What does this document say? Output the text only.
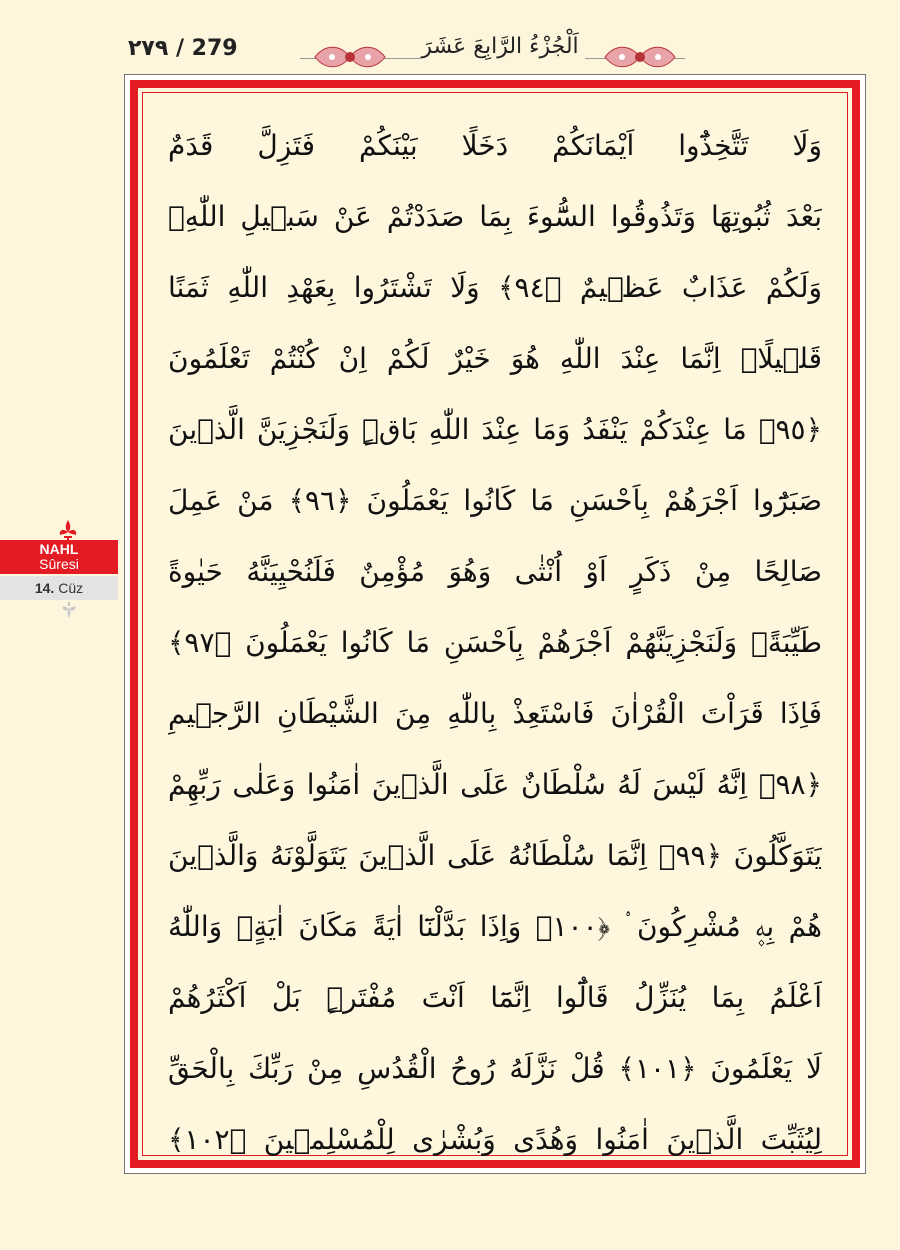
٢٧٩ / 279	اَلْجُزْءُ الرَّابِعَ عَشَرَ
NAHL
Sûresi
14. Cüz
وَلَا تَتَّخِذُٓوا اَيْمَانَكُمْ دَخَلًا بَيْنَكُمْ فَتَزِلَّ قَدَمٌ
بَعْدَ ثُبُوتِهَا وَتَذُوقُوا السُّٓوءَ بِمَا صَدَدْتُمْ عَنْ سَب۪يلِ اللّٰهِۚ
وَلَكُمْ عَذَابٌ عَظ۪يمٌ ﴿٩٤﴾ وَلَا تَشْتَرُوا بِعَهْدِ اللّٰهِ ثَمَنًا
قَل۪يلًاۜ اِنَّمَا عِنْدَ اللّٰهِ هُوَ خَيْرٌ لَكُمْ اِنْ كُنْتُمْ تَعْلَمُونَ
﴿٩٥﴾ مَا عِنْدَكُمْ يَنْفَدُ وَمَا عِنْدَ اللّٰهِ بَاقٍۜ وَلَنَجْزِيَنَّ الَّذ۪ينَ
صَبَرُٓوا اَجْرَهُمْ بِاَحْسَنِ مَا كَانُوا يَعْمَلُونَ ﴿٩٦﴾ مَنْ عَمِلَ
صَالِحًا مِنْ ذَكَرٍ اَوْ اُنْثٰى وَهُوَ مُؤْمِنٌ فَلَنُحْيِيَنَّهُ حَيٰوةً
طَيِّبَةًۚ وَلَنَجْزِيَنَّهُمْ اَجْرَهُمْ بِاَحْسَنِ مَا كَانُوا يَعْمَلُونَ ﴿٩٧﴾
فَاِذَا قَرَاْتَ الْقُرْاٰنَ فَاسْتَعِذْ بِاللّٰهِ مِنَ الشَّيْطَانِ الرَّج۪يمِ
﴿٩٨﴾ اِنَّهُ لَيْسَ لَهُ سُلْطَانٌ عَلَى الَّذ۪ينَ اٰمَنُوا وَعَلٰى رَبِّهِمْ
يَتَوَكَّلُونَ ﴿٩٩﴾ اِنَّمَا سُلْطَانُهُ عَلَى الَّذ۪ينَ يَتَوَلَّوْنَهُ وَالَّذ۪ينَ
هُمْ بِه۪ مُشْرِكُونَ ۟ ﴿١٠٠﴾ وَاِذَا بَدَّلْنَٓا اٰيَةً مَكَانَ اٰيَةٍۙ وَاللّٰهُ
اَعْلَمُ بِمَا يُنَزِّلُ قَالُٓوا اِنَّمَٓا اَنْتَ مُفْتَرٍۜ بَلْ اَكْثَرُهُمْ
لَا يَعْلَمُونَ ﴿١٠١﴾ قُلْ نَزَّلَهُ رُوحُ الْقُدُسِ مِنْ رَبِّكَ بِالْحَقِّ
لِيُثَبِّتَ الَّذ۪ينَ اٰمَنُوا وَهُدًى وَبُشْرٰى لِلْمُسْلِم۪ينَ ﴿١٠٢﴾
